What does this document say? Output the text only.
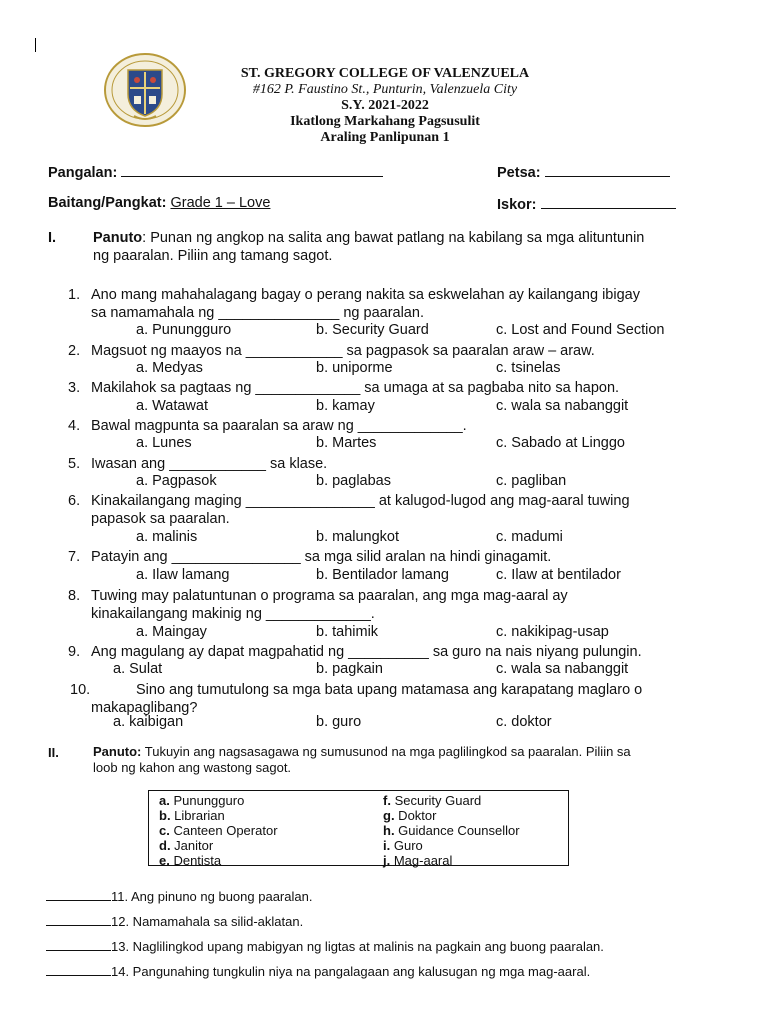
ST. GREGORY COLLEGE OF VALENZUELA
#162 P. Faustino St., Punturin, Valenzuela City
S.Y. 2021-2022
Ikatlong Markahang Pagsusulit
Araling Panlipunan 1
Pangalan:	Petsa:
Baitang/Pangkat: Grade 1 – Love	Iskor:
I.	Panuto: Punan ng angkop na salita ang bawat patlang na kabilang sa mga alituntunin
ng paaralan. Piliin ang tamang sagot.
1. Ano mang mahahalagang bagay o perang nakita sa eskwelahan ay kailangang ibigay
sa namamahala ng _______________ ng paaralan.
a. Punungguro	b. Security Guard	c. Lost and Found Section
2. Magsuot ng maayos na ____________ sa pagpasok sa paaralan araw – araw.
a. Medyas	b. uniporme	c. tsinelas
3. Makilahok sa pagtaas ng _____________ sa umaga at sa pagbaba nito sa hapon.
a. Watawat	b. kamay	c. wala sa nabanggit
4. Bawal magpunta sa paaralan sa araw ng _____________.
a. Lunes	b. Martes	c. Sabado at Linggo
5. Iwasan ang ____________ sa klase.
a. Pagpasok	b. paglabas	c. pagliban
6. Kinakailangang maging ________________ at kalugod-lugod ang mag-aaral tuwing
papasok sa paaralan.
a. malinis	b. malungkot	c. madumi
7. Patayin ang ________________ sa mga silid aralan na hindi ginagamit.
a. Ilaw lamang	b. Bentilador lamang	c. Ilaw at bentilador
8. Tuwing may palatuntunan o programa sa paaralan, ang mga mag-aaral ay
kinakailangang makinig ng _____________.
a. Maingay	b. tahimik	c. nakikipag-usap
9. Ang magulang ay dapat magpahatid ng __________ sa guro na nais niyang pulungin.
a. Sulat	b. pagkain	c. wala sa nabanggit
10.	Sino ang tumutulong sa mga bata upang matamasa ang karapatang maglaro o
makapaglibang?
a. kaibigan	b. guro	c. doktor
II.	Panuto: Tukuyin ang nagsasagawa ng sumusunod na mga paglilingkod sa paaralan. Piliin sa
loob ng kahon ang wastong sagot.
a. Punungguro
b. Librarian
c. Canteen Operator
d. Janitor
e. Dentista
f. Security Guard
g. Doktor
h. Guidance Counsellor
i. Guro
j. Mag-aaral
11. Ang pinuno ng buong paaralan.
12. Namamahala sa silid-aklatan.
13. Naglilingkod upang mabigyan ng ligtas at malinis na pagkain ang buong paaralan.
14. Pangunahing tungkulin niya na pangalagaan ang kalusugan ng mga mag-aaral.
